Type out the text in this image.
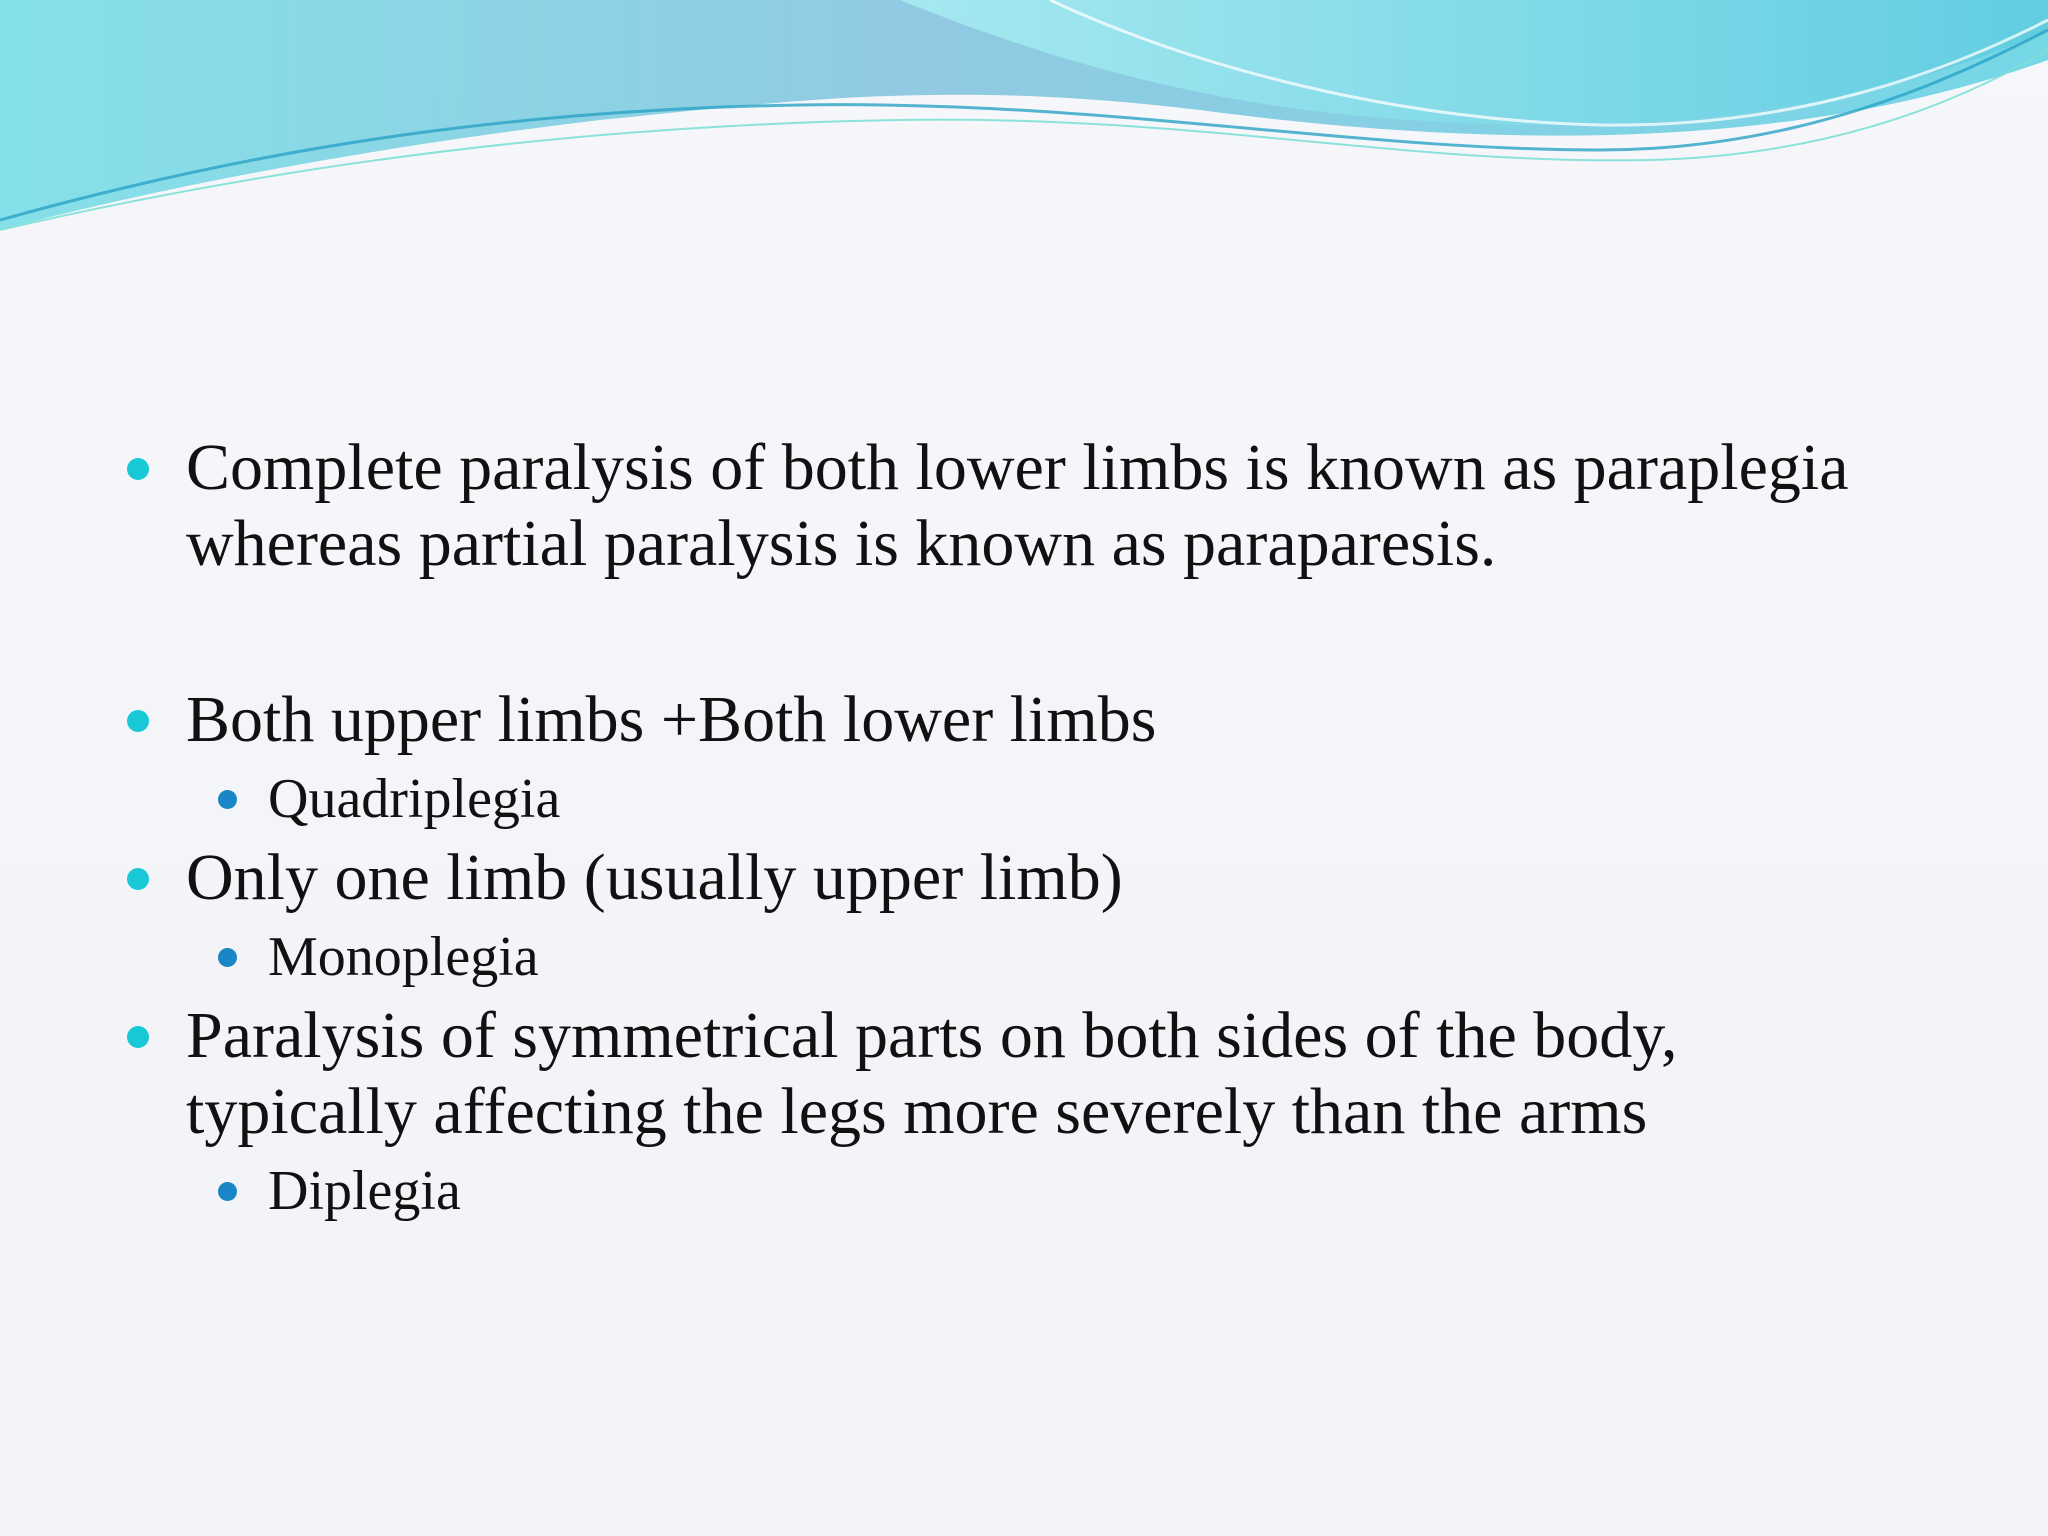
Complete paralysis of both lower limbs is known as paraplegia whereas partial paralysis is known as paraparesis.
Both upper limbs +Both lower limbs
Quadriplegia
Only one limb (usually upper limb)
Monoplegia
Paralysis of symmetrical parts on both sides of the body, typically affecting the legs more severely than the arms
Diplegia
